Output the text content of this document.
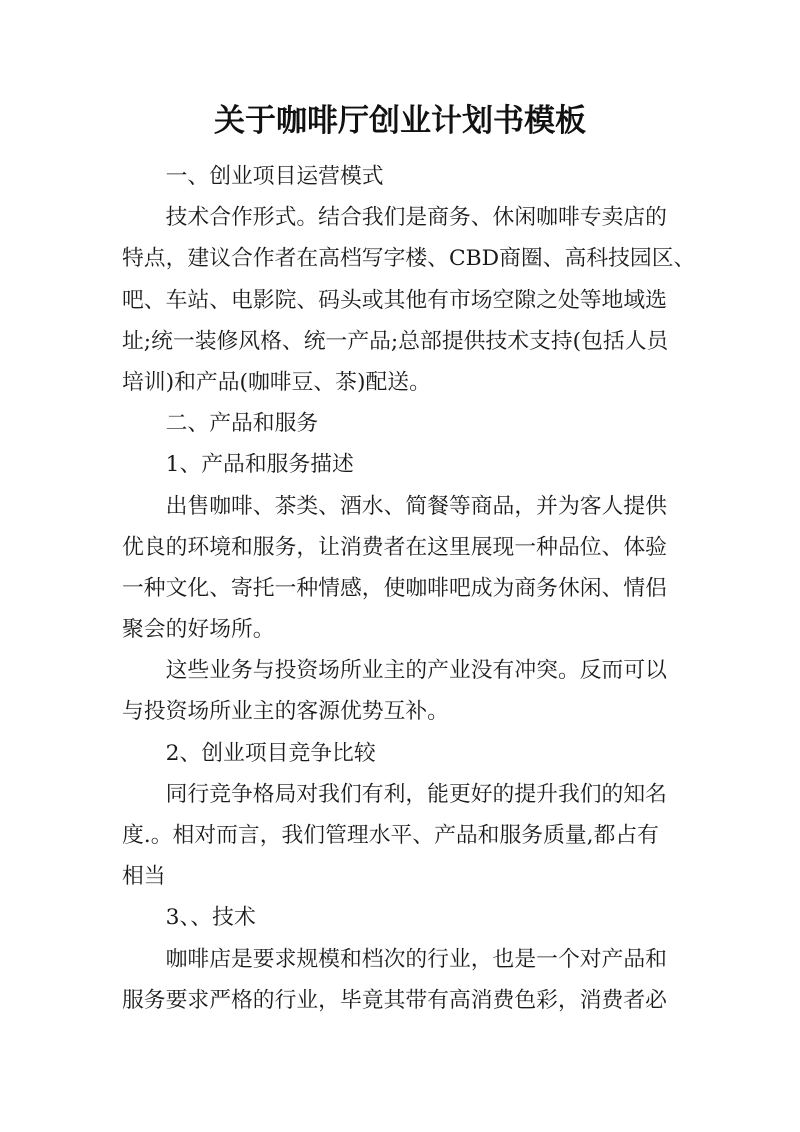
关于咖啡厅创业计划书模板
一、创业项目运营模式
技术合作形式。结合我们是商务、休闲咖啡专卖店的
特点，建议合作者在高档写字楼、CBD商圈、高科技园区、
吧、车站、电影院、码头或其他有市场空隙之处等地域选
址;统一装修风格、统一产品;总部提供技术支持(包括人员
培训)和产品(咖啡豆、茶)配送。
二、产品和服务
1、产品和服务描述
出售咖啡、茶类、酒水、简餐等商品，并为客人提供
优良的环境和服务，让消费者在这里展现一种品位、体验
一种文化、寄托一种情感，使咖啡吧成为商务休闲、情侣
聚会的好场所。
这些业务与投资场所业主的产业没有冲突。反而可以
与投资场所业主的客源优势互补。
2、创业项目竞争比较
同行竞争格局对我们有利，能更好的提升我们的知名
度.。相对而言，我们管理水平、产品和服务质量,都占有
相当
3、、技术
咖啡店是要求规模和档次的行业，也是一个对产品和
服务要求严格的行业，毕竟其带有高消费色彩，消费者必
